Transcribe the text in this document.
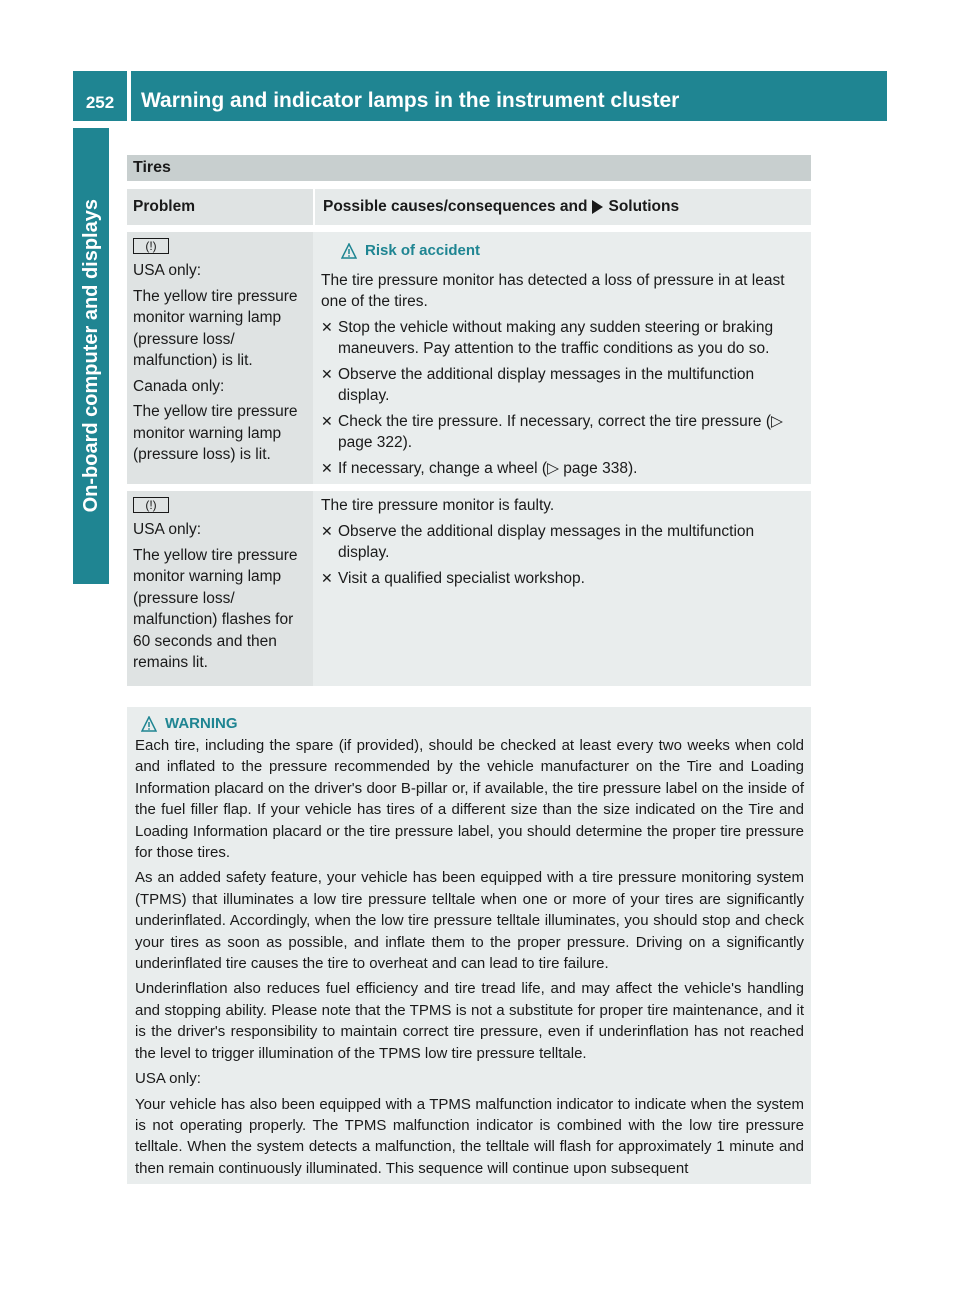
252	Warning and indicator lamps in the instrument cluster
On-board computer and displays
Tires
Problem	Possible causes/consequences and Solutions
(!)

USA only:

The yellow tire pressure monitor warning lamp (pressure loss/ malfunction) is lit.

Canada only:

The yellow tire pressure monitor warning lamp (pressure loss) is lit.

Risk of accident

The tire pressure monitor has detected a loss of pressure in at least one of the tires.

✕ Stop the vehicle without making any sudden steering or braking maneuvers. Pay attention to the traffic conditions as you do so.
✕ Observe the additional display messages in the multifunction display.
✕ Check the tire pressure. If necessary, correct the tire pressure (▷ page 322).
✕ If necessary, change a wheel (▷ page 338).
(!)

USA only:

The yellow tire pressure monitor warning lamp (pressure loss/ malfunction) flashes for 60 seconds and then remains lit.

The tire pressure monitor is faulty.

✕ Observe the additional display messages in the multifunction display.
✕ Visit a qualified specialist workshop.
WARNING

Each tire, including the spare (if provided), should be checked at least every two weeks when cold and inflated to the pressure recommended by the vehicle manufacturer on the Tire and Loading Information placard on the driver's door B-pillar or, if available, the tire pressure label on the inside of the fuel filler flap. If your vehicle has tires of a different size than the size indicated on the Tire and Loading Information placard or the tire pressure label, you should determine the proper tire pressure for those tires.

As an added safety feature, your vehicle has been equipped with a tire pressure monitoring system (TPMS) that illuminates a low tire pressure telltale when one or more of your tires are significantly underinflated. Accordingly, when the low tire pressure telltale illuminates, you should stop and check your tires as soon as possible, and inflate them to the proper pressure. Driving on a significantly underinflated tire causes the tire to overheat and can lead to tire failure.

Underinflation also reduces fuel efficiency and tire tread life, and may affect the vehicle's handling and stopping ability. Please note that the TPMS is not a substitute for proper tire maintenance, and it is the driver's responsibility to maintain correct tire pressure, even if underinflation has not reached the level to trigger illumination of the TPMS low tire pressure telltale.

USA only:

Your vehicle has also been equipped with a TPMS malfunction indicator to indicate when the system is not operating properly. The TPMS malfunction indicator is combined with the low tire pressure telltale. When the system detects a malfunction, the telltale will flash for approximately 1 minute and then remain continuously illuminated. This sequence will continue upon subsequent
